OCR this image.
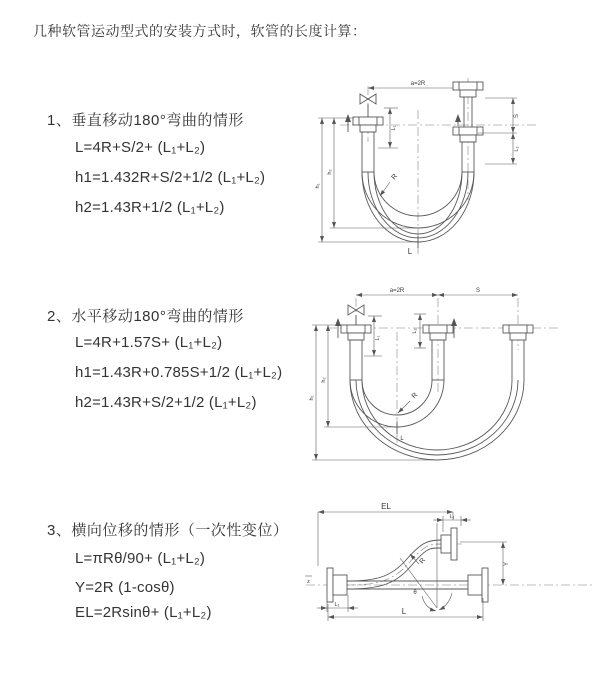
几种软管运动型式的安装方式时，软管的长度计算：
1、垂直移动180°弯曲的情形
L=4R+S/2+ (L₁+L₂)
h1=1.432R+S/2+1/2 (L₁+L₂)
h2=1.43R+1/2 (L₁+L₂)
2、水平移动180°弯曲的情形
L=4R+1.57S+ (L₁+L₂)
h1=1.43R+0.785S+1/2 (L₁+L₂)
h2=1.43R+S/2+1/2 (L₁+L₂)
3、横向位移的情形（一次性变位）
L=πRθ/90+ (L₁+L₂)
Y=2R (1-cosθ)
EL=2Rsinθ+ (L₁+L₂)
a=2R
h₁
h₂
L₁
S
L₂
R
L
a=2R	S
h₁
h₂
L₁
L₂
R
L
z
θ
R
EL
L₁
Y
L
L₁
